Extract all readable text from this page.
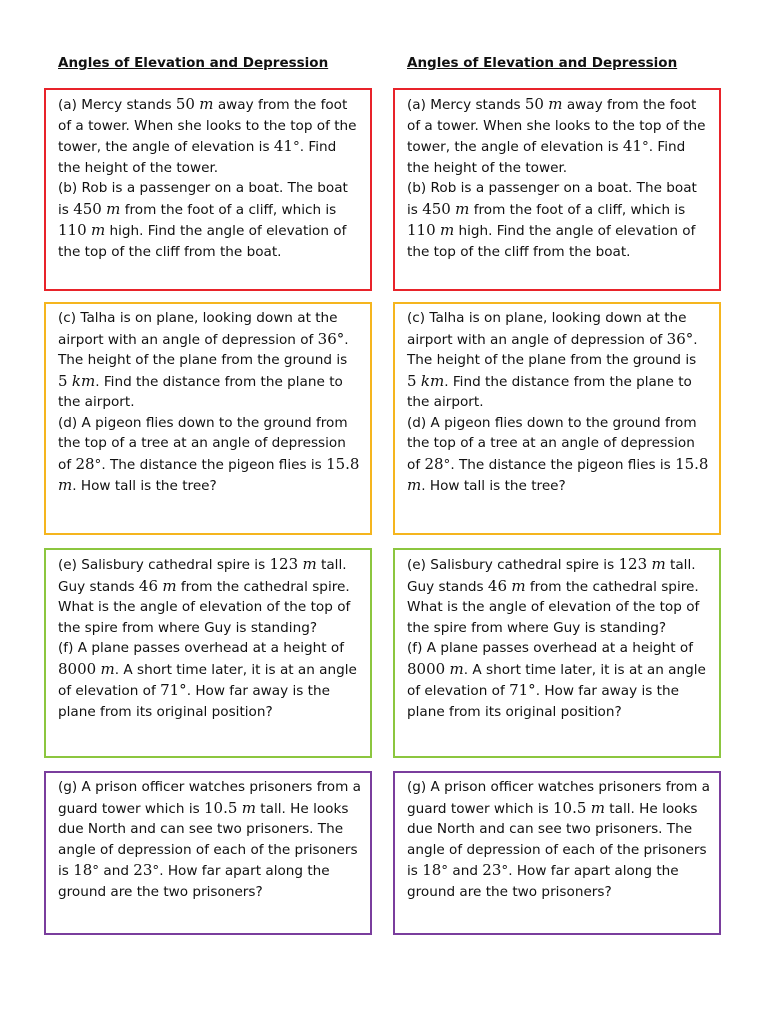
Angles of Elevation and Depression

(a) Mercy stands 50 m away from the foot of a tower. When she looks to the top of the tower, the angle of elevation is 41°. Find the height of the tower.

(b) Rob is a passenger on a boat. The boat is 450 m from the foot of a cliff, which is 110 m high. Find the angle of elevation of the top of the cliff from the boat.

(c) Talha is on plane, looking down at the airport with an angle of depression of 36°. The height of the plane from the ground is 5 km. Find the distance from the plane to the airport.

(d) A pigeon flies down to the ground from the top of a tree at an angle of depression of 28°. The distance the pigeon flies is 15.8 m. How tall is the tree?

(e) Salisbury cathedral spire is 123 m tall. Guy stands 46 m from the cathedral spire. What is the angle of elevation of the top of the spire from where Guy is standing?

(f) A plane passes overhead at a height of 8000 m. A short time later, it is at an angle of elevation of 71°. How far away is the plane from its original position?

(g) A prison officer watches prisoners from a guard tower which is 10.5 m tall. He looks due North and can see two prisoners. The angle of depression of each of the prisoners is 18° and 23°. How far apart along the ground are the two prisoners?

Angles of Elevation and Depression

(a) Mercy stands 50 m away from the foot of a tower. When she looks to the top of the tower, the angle of elevation is 41°. Find the height of the tower.

(b) Rob is a passenger on a boat. The boat is 450 m from the foot of a cliff, which is 110 m high. Find the angle of elevation of the top of the cliff from the boat.

(c) Talha is on plane, looking down at the airport with an angle of depression of 36°. The height of the plane from the ground is 5 km. Find the distance from the plane to the airport.

(d) A pigeon flies down to the ground from the top of a tree at an angle of depression of 28°. The distance the pigeon flies is 15.8 m. How tall is the tree?

(e) Salisbury cathedral spire is 123 m tall. Guy stands 46 m from the cathedral spire. What is the angle of elevation of the top of the spire from where Guy is standing?

(f) A plane passes overhead at a height of 8000 m. A short time later, it is at an angle of elevation of 71°. How far away is the plane from its original position?

(g) A prison officer watches prisoners from a guard tower which is 10.5 m tall. He looks due North and can see two prisoners. The angle of depression of each of the prisoners is 18° and 23°. How far apart along the ground are the two prisoners?
